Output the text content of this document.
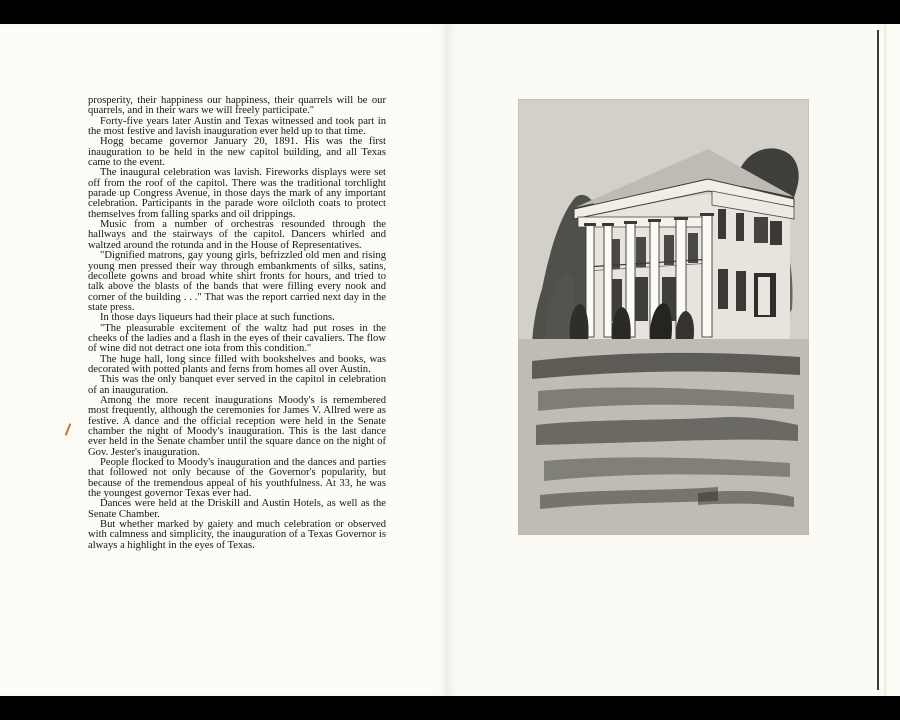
prosperity, their happiness our happiness, their quarrels will be our quarrels, and in their wars we will freely participate."

Forty-five years later Austin and Texas witnessed and took part in the most festive and lavish inauguration ever held up to that time.

Hogg became governor January 20, 1891. His was the first inauguration to be held in the new capitol building, and all Texas came to the event.

The inaugural celebration was lavish. Fireworks displays were set off from the roof of the capitol. There was the traditional torchlight parade up Congress Avenue, in those days the mark of any important celebration. Participants in the parade wore oilcloth coats to protect themselves from falling sparks and oil drippings.

Music from a number of orchestras resounded through the hallways and the stairways of the capitol. Dancers whirled and waltzed around the rotunda and in the House of Representatives.

"Dignified matrons, gay young girls, befrizzled old men and rising young men pressed their way through embankments of silks, satins, decollete gowns and broad white shirt fronts for hours, and tried to talk above the blasts of the bands that were filling every nook and corner of the building . . ." That was the report carried next day in the state press.

In those days liqueurs had their place at such functions.

"The pleasurable excitement of the waltz had put roses in the cheeks of the ladies and a flash in the eyes of their cavaliers. The flow of wine did not detract one iota from this condition."

The huge hall, long since filled with bookshelves and books, was decorated with potted plants and ferns from homes all over Austin.

This was the only banquet ever served in the capitol in celebration of an inauguration.

Among the more recent inaugurations Moody's is remembered most frequently, although the ceremonies for James V. Allred were as festive. A dance and the official reception were held in the Senate chamber the night of Moody's inauguration. This is the last dance ever held in the Senate chamber until the square dance on the night of Gov. Jester's inauguration.

People flocked to Moody's inauguration and the dances and parties that followed not only because of the Governor's popularity, but because of the tremendous appeal of his youthfulness. At 33, he was the youngest governor Texas ever had.

Dances were held at the Driskill and Austin Hotels, as well as the Senate Chamber.

But whether marked by gaiety and much celebration or observed with calmness and simplicity, the inauguration of a Texas Governor is always a highlight in the eyes of Texas.
